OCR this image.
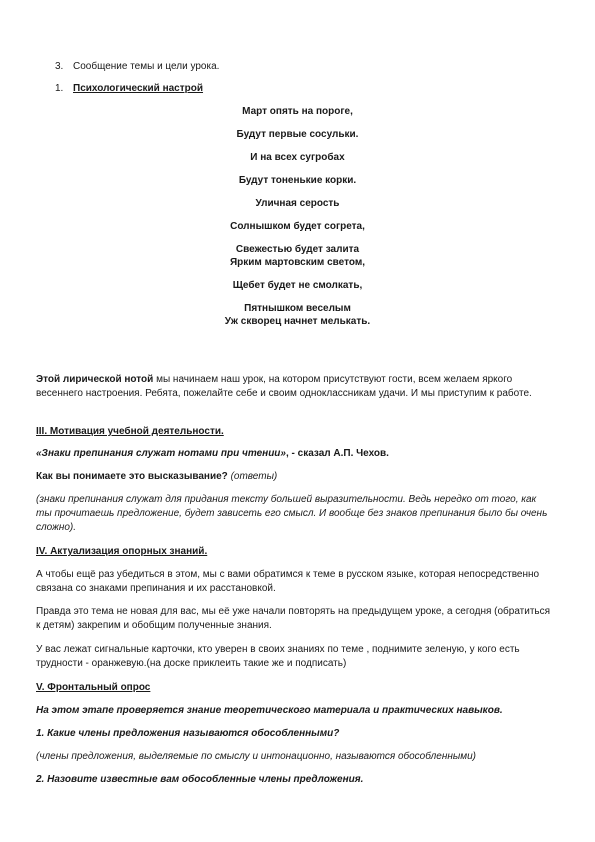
3. Сообщение темы и цели урока.
1. Психологический настрой
Март опять на пороге,
Будут первые сосульки.
И на всех сугробах
Будут тоненькие корки.
Уличная серость
Солнышком будет согрета,
Свежестью будет залита
Ярким мартовским светом,
Щебет будет не смолкать,
Пятнышком веселым
Уж скворец начнет мелькать.
Этой лирической нотой мы начинаем наш урок, на котором присутствуют гости, всем желаем яркого весеннего настроения. Ребята, пожелайте себе и своим одноклассникам удачи. И мы приступим к работе.
III. Мотивация учебной деятельности.
«Знаки препинания служат нотами при чтении», - сказал А.П. Чехов.
Как вы понимаете это высказывание? (ответы)
(знаки препинания служат для придания тексту большей выразительности. Ведь нередко от того, как ты прочитаешь предложение, будет зависеть его смысл. И вообще без знаков препинания было бы очень сложно).
IV. Актуализация опорных знаний.
А чтобы ещё раз убедиться в этом, мы с вами обратимся к теме в русском языке, которая непосредственно связана со знаками препинания и их расстановкой.
Правда это тема не новая для вас, мы её уже начали повторять на предыдущем уроке, а сегодня (обратиться к детям) закрепим и обобщим полученные знания.
У вас лежат сигнальные карточки, кто уверен в своих знаниях по теме , поднимите зеленую, у кого есть трудности - оранжевую.(на доске приклеить такие же и подписать)
V. Фронтальный опрос
На этом этапе проверяется знание теоретического материала и практических навыков.
1. Какие члены предложения называются обособленными?
(члены предложения, выделяемые по смыслу и интонационно, называются обособленными)
2. Назовите известные вам обособленные члены предложения.
